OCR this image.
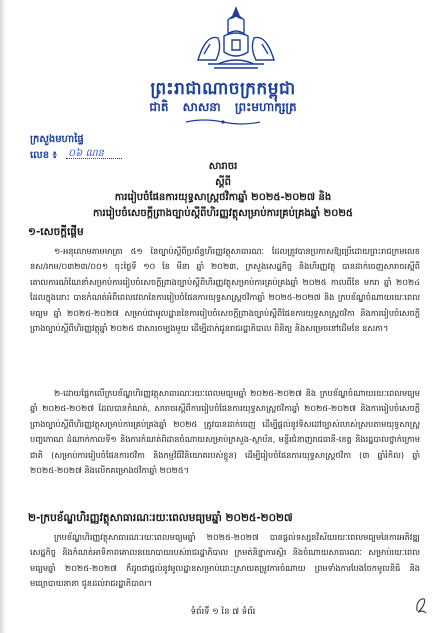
ព្រះរាជាណាចក្រកម្ពុជា
ជាតិ សាសនា ព្រះមហាក្សត្រ
ក្រសួងមហាផ្ទៃ
លេខ ៖ ០៦ ណន
សារាចរ
ស្តីពី
ការរៀបចំផែនការយុទ្ធសាស្ត្រថវិកាឆ្នាំ ២០២៥-២០២៧ និង
ការរៀបចំសេចក្តីព្រាងច្បាប់ស្តីពីហិរញ្ញវត្ថុសម្រាប់ការគ្រប់គ្រងឆ្នាំ ២០២៥
១-សេចក្តីផ្តើម
១-អនុលោមតាមមាត្រា ៥១ នៃច្បាប់ស្តីពីប្រព័ន្ធហិរញ្ញវត្ថុសាធារណៈ ដែលត្រូវបានប្រកាសឱ្យប្រើដោយព្រះរាជក្រមលេខ នស/រកម/០៣២៣/០០១ ចុះថ្ងៃទី ១០ ខែ មីនា ឆ្នាំ ២០២៣, ក្រសួងសេដ្ឋកិច្ច និងហិរញ្ញវត្ថុ បានដាក់ចេញសារាចរស្តីពីគោលការណ៍ណែនាំសម្រាប់ការរៀបចំសេចក្តីព្រាងច្បាប់ស្តីពីហិរញ្ញវត្ថុសម្រាប់ការគ្រប់គ្រងឆ្នាំ ២០២៥ កាលពីខែ មករា ឆ្នាំ ២០២៤ ដែលក្នុងនោះ បានកំណត់អំពីពេលវេលានៃការរៀបចំផែនការយុទ្ធសាស្ត្រថវិកាឆ្នាំ ២០២៥-២០២៧ និង ក្របខ័ណ្ឌចំណាយរយៈពេលមធ្យម ឆ្នាំ ២០២៥-២០២៧ សម្រាប់ជាមូលដ្ឋាននៃការរៀបចំសេចក្តីព្រាងច្បាប់ស្តីពីផែនការយុទ្ធសាស្ត្រថវិកា និងការរៀបចំសេចក្តីព្រាងច្បាប់ស្តីពីហិរញ្ញវត្ថុឆ្នាំ ២០២៥ ជាសារចម្បងមួយ ដើម្បីដាក់ជូនរាជរដ្ឋាភិបាល ពិនិត្យ និងសម្រេចនៅដើមខែ ឧសភា។
២-ដោយផ្អែកលើក្របខ័ណ្ឌហិរញ្ញវត្ថុសាធារណៈរយៈពេលមធ្យមឆ្នាំ ២០២៥-២០២៧ និង ក្របខ័ណ្ឌចំណាយរយៈពេលមធ្យមឆ្នាំ ២០២៥-២០២៧ ដែលបានកំណត់, សារាចរស្តីពីការរៀបចំផែនការយុទ្ធសាស្ត្រថវិកាឆ្នាំ ២០២៥-២០២៧ និងការរៀបចំសេចក្តីព្រាងច្បាប់ស្តីពីហិរញ្ញវត្ថុសម្រាប់ការគ្រប់គ្រងឆ្នាំ ២០២៥ ត្រូវបានដាក់ចេញ ដើម្បីផ្តល់នូវទិសដៅច្បាស់លាស់ស្របតាមយុទ្ធសាស្ត្របញ្ចកោណ ដំណាក់កាលទី១ និងការកំណត់ពិដានចំណាយសម្រាប់ក្រសួង-ស្ថាប័ន, មន្ទីរជំនាញរាជធានី-ខេត្ត និងរដ្ឋបាលថ្នាក់ក្រោមជាតិ (សម្រាប់ការរៀបចំផែនការថវិកា និងកម្មវិធីវិនិយោគរបស់ខ្លួន) ដើម្បីរៀបចំផែនការយុទ្ធសាស្ត្រថវិកា (៣ ឆ្នាំរំកិល) ឆ្នាំ ២០២៥-២០២៧ និងលើកគម្រោងថវិកាឆ្នាំ ២០២៥។
២-ក្របខ័ណ្ឌហិរញ្ញវត្ថុសាធារណៈរយៈពេលមធ្យមឆ្នាំ ២០២៥-២០២៧
ក្របខ័ណ្ឌហិរញ្ញវត្ថុសាធារណៈរយៈពេលមធ្យមឆ្នាំ ២០២៥-២០២៧ បានផ្តល់ទស្សនវិស័យរយៈពេលមធ្យមនៃការអភិវឌ្ឍសេដ្ឋកិច្ច និងកំណត់អាទិភាពគោលនយោបាយរបស់រាជរដ្ឋាភិបាល ក្រមត់និន្នាការស្ថិរ និងចំណាយសាធារណៈ សម្រាប់រយៈពេលមធ្យមឆ្នាំ ២០២៥-២០២៧ ក៏ដូចជាផ្តល់នូវមូលដ្ឋានសម្រាប់ដោះស្រាយតម្រូវការចំណាយ ព្រមទាំងការបែងចែកមូលនិធិ និងមធ្យោបាយនានា ជូនដល់រាជរដ្ឋាភិបាល។
ទំព័រទី ១ នៃ ៧ ទំព័រ
